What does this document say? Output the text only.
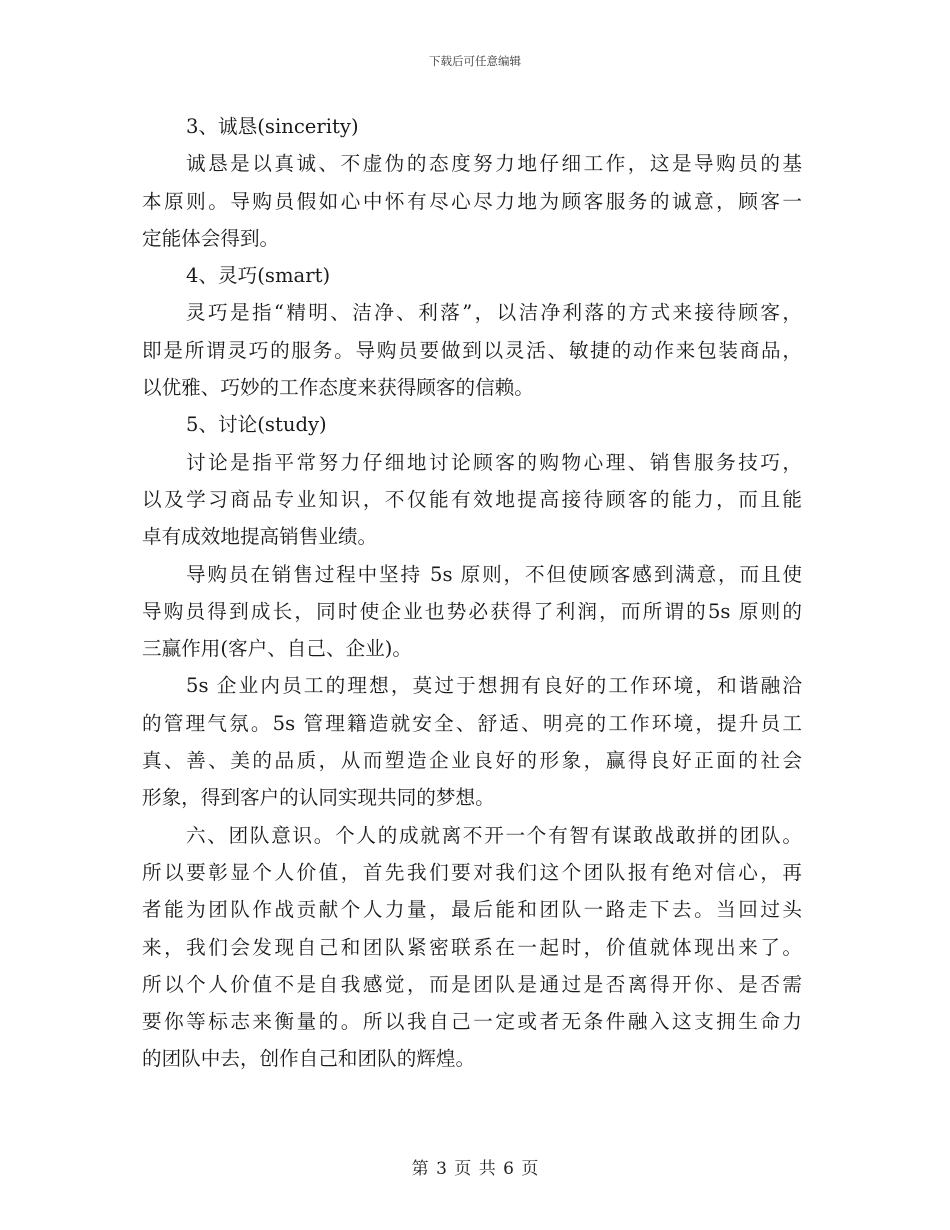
下载后可任意编辑
3、诚恳(sincerity)
诚恳是以真诚、不虚伪的态度努力地仔细工作，这是导购员的基
本原则。导购员假如心中怀有尽心尽力地为顾客服务的诚意，顾客一
定能体会得到。
4、灵巧(smart)
灵巧是指“精明、洁净、利落”，以洁净利落的方式来接待顾客，
即是所谓灵巧的服务。导购员要做到以灵活、敏捷的动作来包装商品，
以优雅、巧妙的工作态度来获得顾客的信赖。
5、讨论(study)
讨论是指平常努力仔细地讨论顾客的购物心理、销售服务技巧，
以及学习商品专业知识，不仅能有效地提高接待顾客的能力，而且能
卓有成效地提高销售业绩。
导购员在销售过程中坚持 5s 原则，不但使顾客感到满意，而且使
导购员得到成长，同时使企业也势必获得了利润，而所谓的5s 原则的
三赢作用(客户、自己、企业)。
5s 企业内员工的理想，莫过于想拥有良好的工作环境，和谐融洽
的管理气氛。5s 管理籍造就安全、舒适、明亮的工作环境，提升员工
真、善、美的品质，从而塑造企业良好的形象，赢得良好正面的社会
形象，得到客户的认同实现共同的梦想。
六、团队意识。个人的成就离不开一个有智有谋敢战敢拼的团队。
所以要彰显个人价值，首先我们要对我们这个团队报有绝对信心，再
者能为团队作战贡献个人力量，最后能和团队一路走下去。当回过头
来，我们会发现自己和团队紧密联系在一起时，价值就体现出来了。
所以个人价值不是自我感觉，而是团队是通过是否离得开你、是否需
要你等标志来衡量的。所以我自己一定或者无条件融入这支拥生命力
的团队中去，创作自己和团队的辉煌。
第 3 页 共 6 页
